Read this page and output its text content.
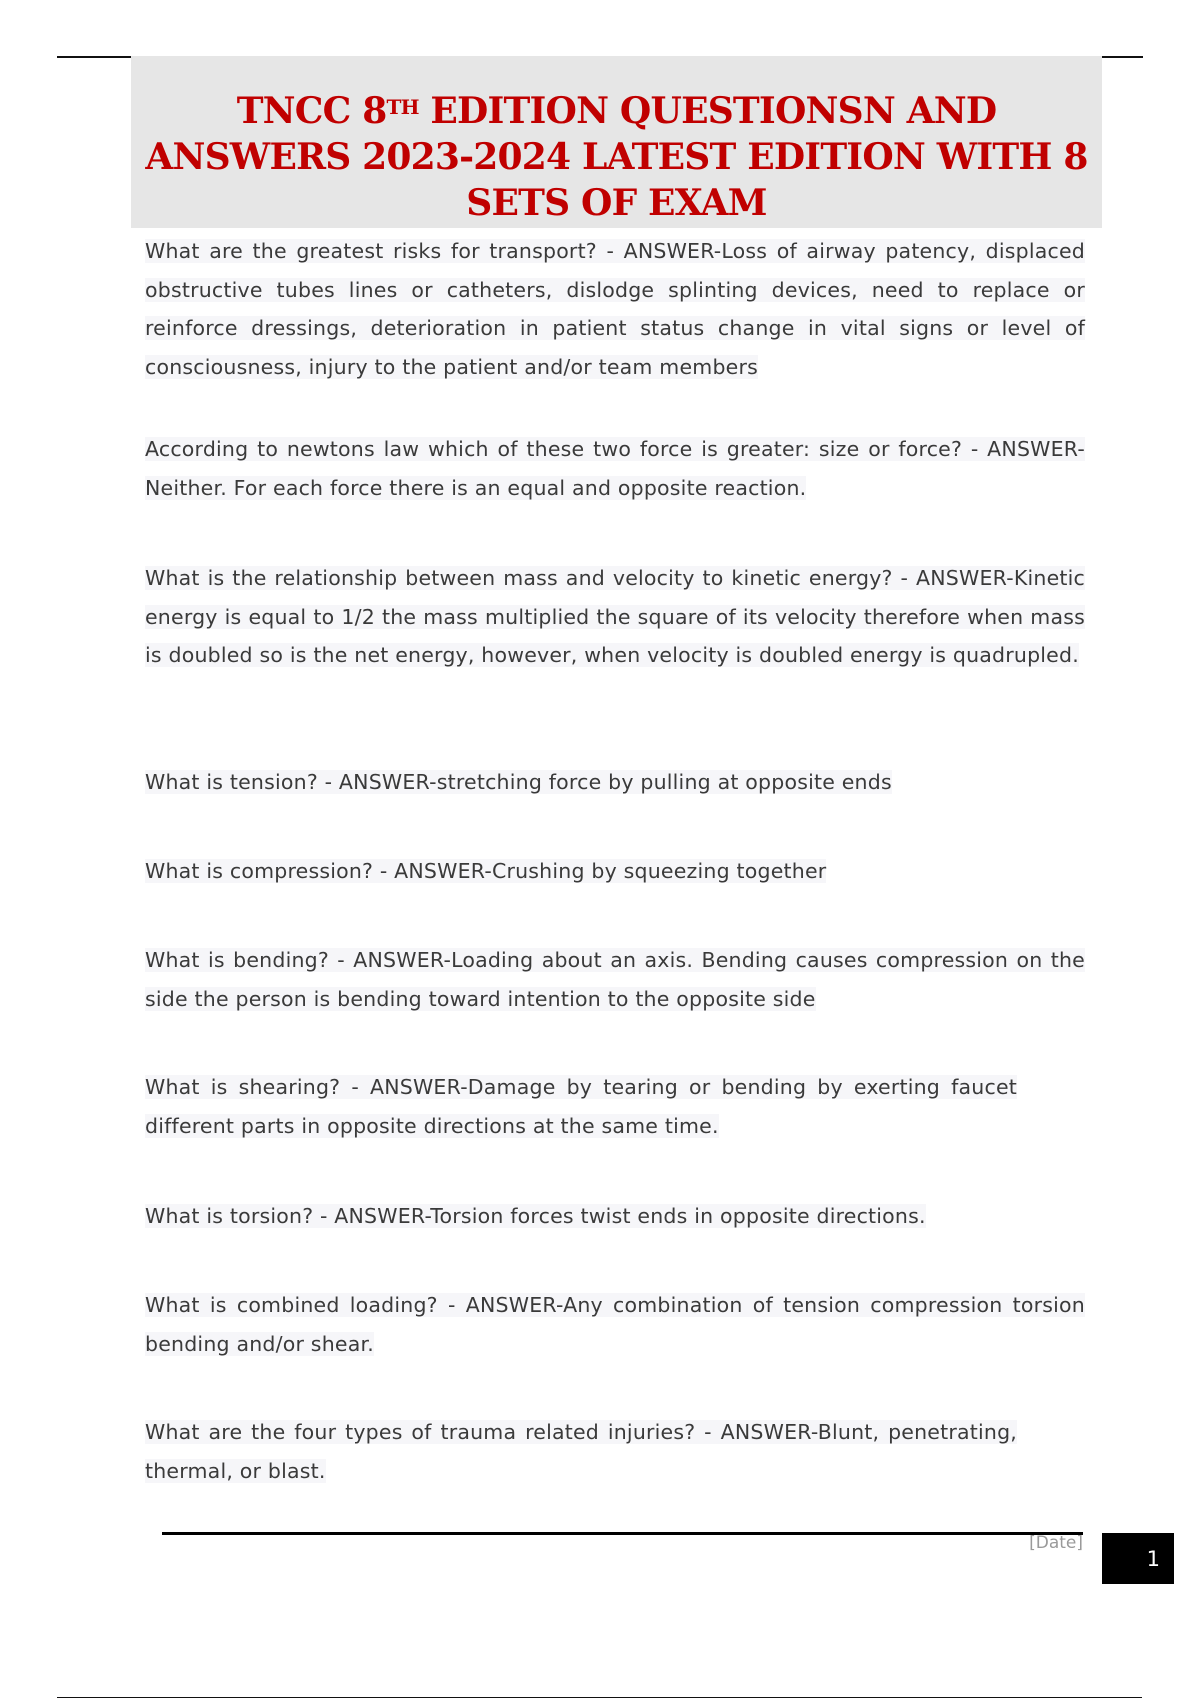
TNCC 8TH EDITION QUESTIONSN AND ANSWERS 2023-2024 LATEST EDITION WITH 8 SETS OF EXAM

What are the greatest risks for transport? - ANSWER-Loss of airway patency, displaced obstructive tubes lines or catheters, dislodge splinting devices, need to replace or reinforce dressings, deterioration in patient status change in vital signs or level of consciousness, injury to the patient and/or team members

According to newtons law which of these two force is greater: size or force? - ANSWER- Neither. For each force there is an equal and opposite reaction.

What is the relationship between mass and velocity to kinetic energy? - ANSWER-Kinetic energy is equal to 1/2 the mass multiplied the square of its velocity therefore when mass is doubled so is the net energy, however, when velocity is doubled energy is quadrupled.

What is tension? - ANSWER-stretching force by pulling at opposite ends

What is compression? - ANSWER-Crushing by squeezing together

What is bending? - ANSWER-Loading about an axis. Bending causes compression on the side the person is bending toward intention to the opposite side

What is shearing? - ANSWER-Damage by tearing or bending by exerting faucet different parts in opposite directions at the same time.

What is torsion? - ANSWER-Torsion forces twist ends in opposite directions.

What is combined loading? - ANSWER-Any combination of tension compression torsion bending and/or shear.

What are the four types of trauma related injuries? - ANSWER-Blunt, penetrating, thermal, or blast.

[Date]
1
